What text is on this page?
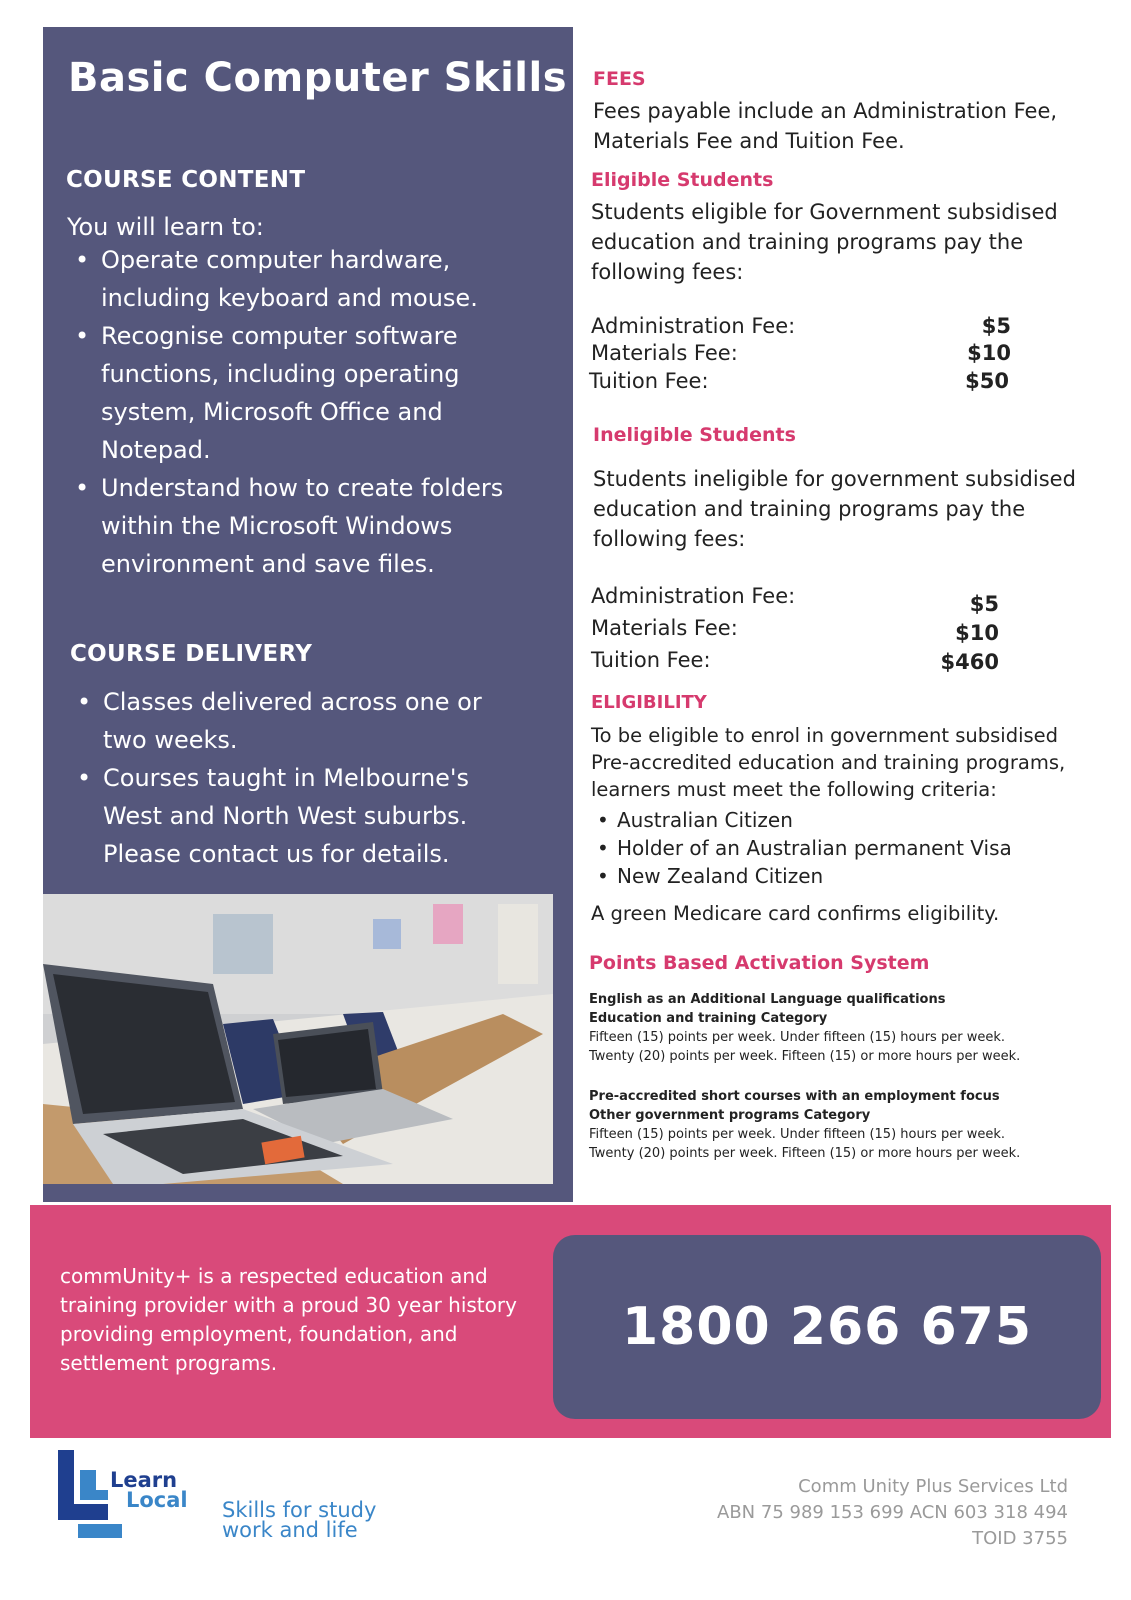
Basic Computer Skills
COURSE CONTENT

You will learn to:

• Operate computer hardware, including keyboard and mouse.
• Recognise computer software functions, including operating system, Microsoft Office and Notepad.
• Understand how to create folders within the Microsoft Windows environment and save files.
COURSE DELIVERY
• Classes delivered across one or two weeks.
• Courses taught in Melbourne's West and North West suburbs. Please contact us for details.
FEES

Fees payable include an Administration Fee, Materials Fee and Tuition Fee.

Eligible Students

Students eligible for Government subsidised education and training programs pay the following fees:

Administration Fee:	$5
Materials Fee:	$10
Tuition Fee:	$50
Ineligible Students

Students ineligible for government subsidised education and training programs pay the following fees:

Administration Fee:	$5
Materials Fee:	$10
Tuition Fee:	$460
ELIGIBILITY

To be eligible to enrol in government subsidised Pre-accredited education and training programs, learners must meet the following criteria:

• Australian Citizen
• Holder of an Australian permanent Visa
• New Zealand Citizen

A green Medicare card confirms eligibility.

Points Based Activation System

English as an Additional Language qualifications

Education and training Category

Fifteen (15) points per week. Under fifteen (15) hours per week.

Twenty (20) points per week. Fifteen (15) or more hours per week.

Pre-accredited short courses with an employment focus

Other government programs Category

Fifteen (15) points per week. Under fifteen (15) hours per week.

Twenty (20) points per week. Fifteen (15) or more hours per week.

commUnity+ is a respected education and training provider with a proud 30 year history providing employment, foundation, and settlement programs.

1800 266 675
Learn
Local Skills for study
work and life
Comm Unity Plus Services Ltd
ABN 75 989 153 699 ACN 603 318 494
TOID 3755
